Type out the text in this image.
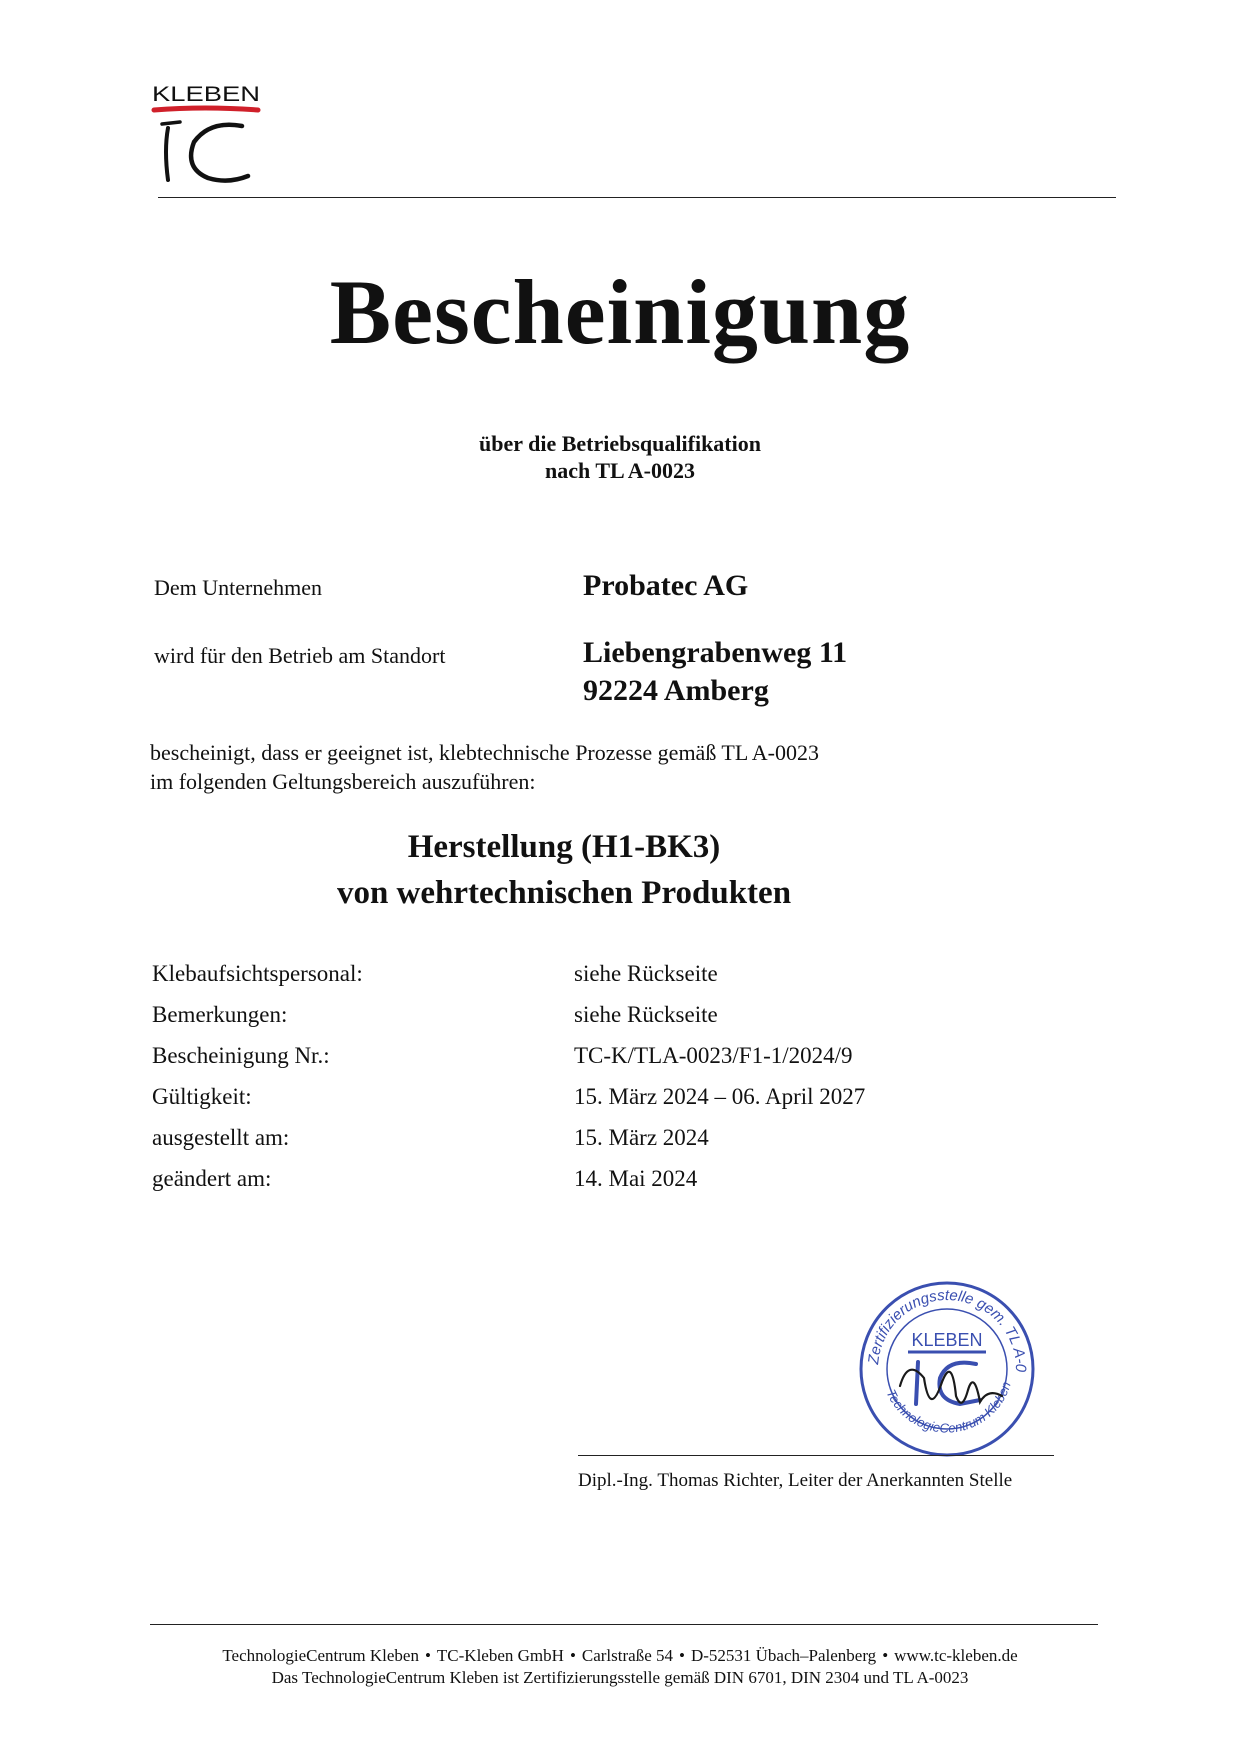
KLEBEN
Bescheinigung
über die Betriebsqualifikation
nach TL A-0023
Dem Unternehmen	Probatec AG
wird für den Betrieb am Standort	Liebengrabenweg 11
92224 Amberg
bescheinigt, dass er geeignet ist, klebtechnische Prozesse gemäß TL A-0023
im folgenden Geltungsbereich auszuführen:
Herstellung (H1-BK3)
von wehrtechnischen Produkten
Klebaufsichtspersonal:	siehe Rückseite
Bemerkungen:	siehe Rückseite
Bescheinigung Nr.:	TC-K/TLA-0023/F1-1/2024/9
Gültigkeit:	15. März 2024 – 06. April 2027
ausgestellt am:	15. März 2024
geändert am:	14. Mai 2024
Zertifizierungsstelle gem. TL A-0
TechnologieCentrum Kleben
KLEBEN
Dipl.-Ing. Thomas Richter, Leiter der Anerkannten Stelle
TechnologieCentrum Kleben • TC-Kleben GmbH • Carlstraße 54 • D-52531 Übach–Palenberg • www.tc-kleben.de
Das TechnologieCentrum Kleben ist Zertifizierungsstelle gemäß DIN 6701, DIN 2304 und TL A-0023
